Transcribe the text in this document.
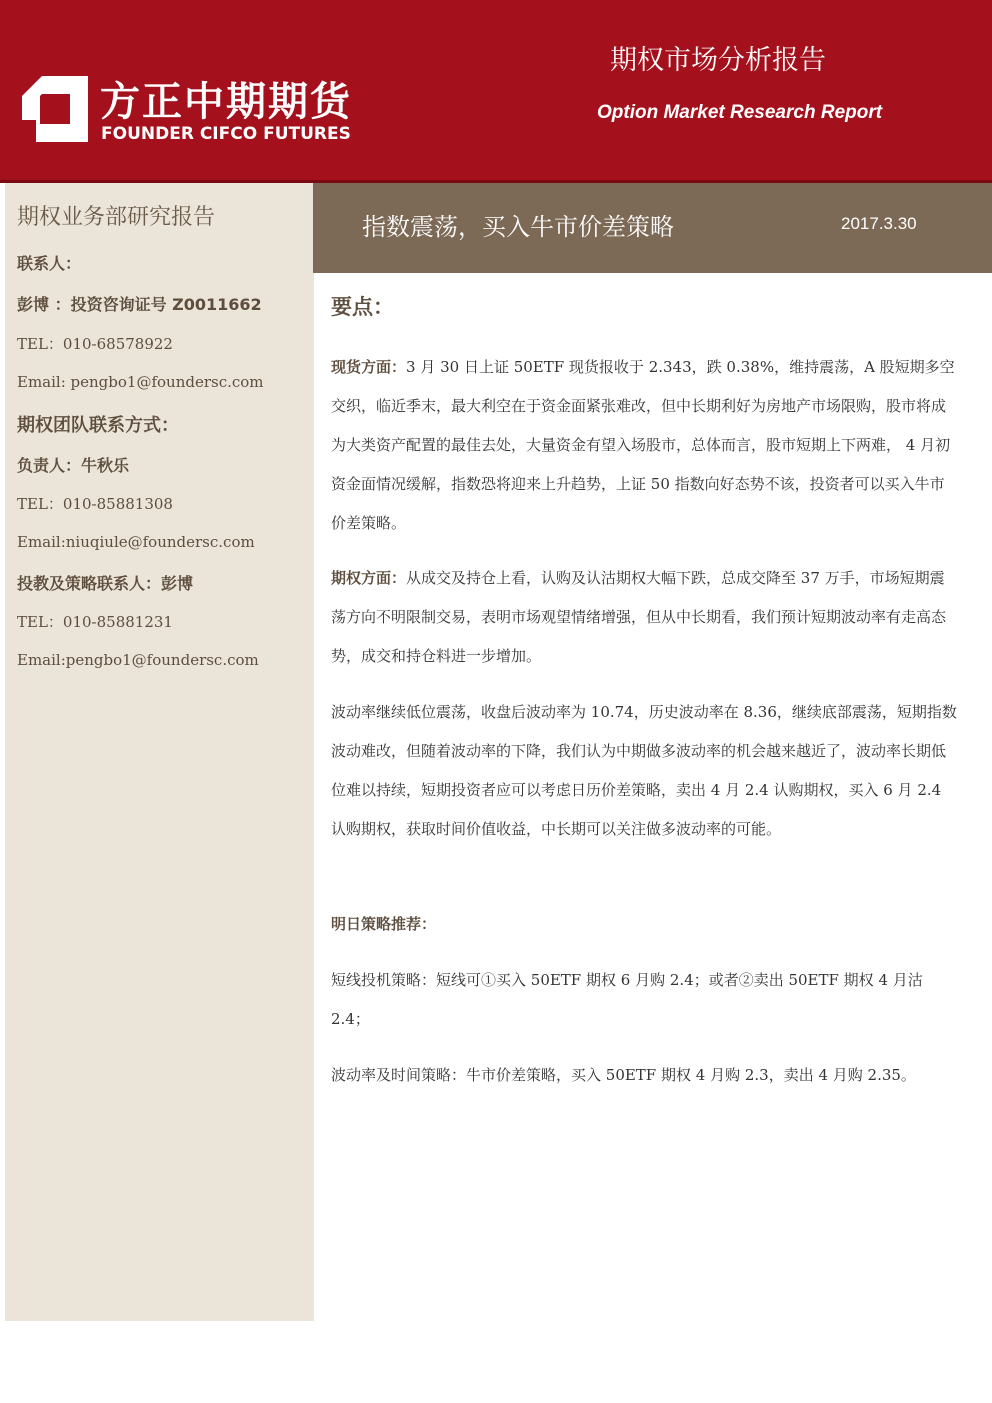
方正中期期货
FOUNDER CIFCO FUTURES
期权市场分析报告
Option Market Research Report
期权业务部研究报告
联系人：
彭博 ：投资咨询证号 Z0011662
TEL：010-68578922
Email: pengbo1@foundersc.com
期权团队联系方式：
负责人：牛秋乐
TEL：010-85881308
Email:niuqiule@foundersc.com
投教及策略联系人：彭博
TEL：010-85881231
Email:pengbo1@foundersc.com
指数震荡，买入牛市价差策略	2017.3.30
要点：
现货方面：3 月 30 日上证 50ETF 现货报收于 2.343，跌 0.38%，维持震荡，A 股短期多空交织，临近季末，最大利空在于资金面紧张难改，但中长期利好为房地产市场限购，股市将成为大类资产配置的最佳去处，大量资金有望入场股市，总体而言，股市短期上下两难， 4 月初资金面情况缓解，指数恐将迎来上升趋势，上证 50 指数向好态势不该，投资者可以买入牛市价差策略。
期权方面：从成交及持仓上看，认购及认沽期权大幅下跌，总成交降至 37 万手，市场短期震荡方向不明限制交易，表明市场观望情绪增强，但从中长期看，我们预计短期波动率有走高态势，成交和持仓料进一步增加。
波动率继续低位震荡，收盘后波动率为 10.74，历史波动率在 8.36，继续底部震荡，短期指数波动难改，但随着波动率的下降，我们认为中期做多波动率的机会越来越近了，波动率长期低位难以持续，短期投资者应可以考虑日历价差策略，卖出 4 月 2.4 认购期权，买入 6 月 2.4 认购期权，获取时间价值收益，中长期可以关注做多波动率的可能。
明日策略推荐：
短线投机策略：短线可①买入 50ETF 期权 6 月购 2.4；或者②卖出 50ETF 期权 4 月沽 2.4；
波动率及时间策略：牛市价差策略，买入 50ETF 期权 4 月购 2.3，卖出 4 月购 2.35。
